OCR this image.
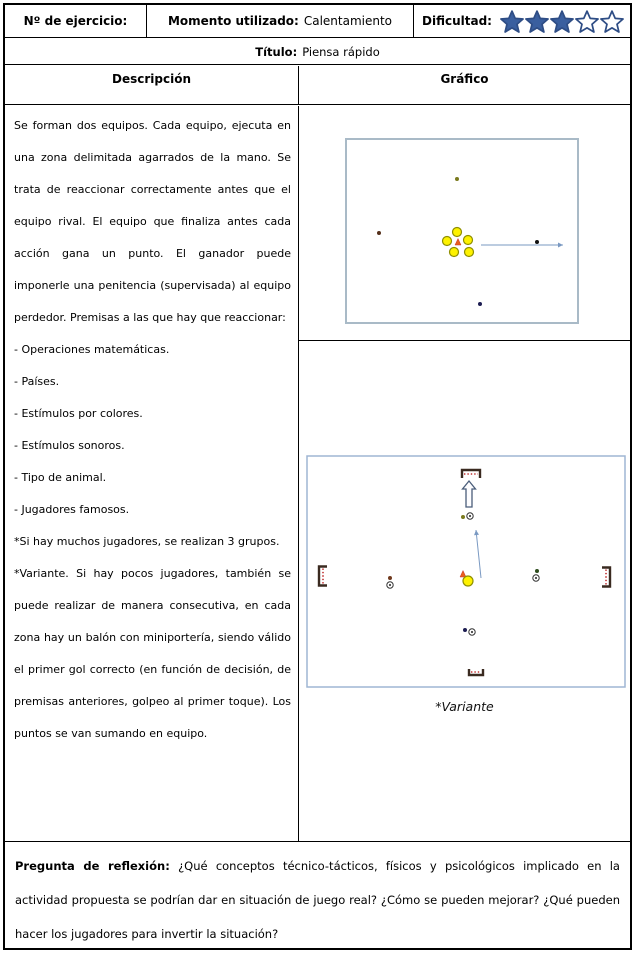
Nº de ejercicio:	Momento utilizado: Calentamiento Dificultad:
Título: Piensa rápido
Descripción	Gráfico

Se forman dos equipos. Cada equipo, ejecuta en una zona delimitada agarrados de la mano. Se trata de reaccionar correctamente antes que el equipo rival. El equipo que finaliza antes cada acción gana un punto. El ganador puede imponerle una penitencia (supervisada) al equipo perdedor. Premisas a las que hay que reaccionar:

- Operaciones matemáticas.

- Países.

- Estímulos por colores.

- Estímulos sonoros.

- Tipo de animal.

- Jugadores famosos.

*Si hay muchos jugadores, se realizan 3 grupos.

*Variante. Si hay pocos jugadores, también se puede realizar de manera consecutiva, en cada zona hay un balón con miniportería, siendo válido el primer gol correcto (en función de decisión, de premisas anteriores, golpeo al primer toque). Los puntos se van sumando en equipo.

*Variante
Pregunta de reflexión: ¿Qué conceptos técnico-tácticos, físicos y psicológicos implicado en la actividad propuesta se podrían dar en situación de juego real? ¿Cómo se pueden mejorar? ¿Qué pueden hacer los jugadores para invertir la situación?
